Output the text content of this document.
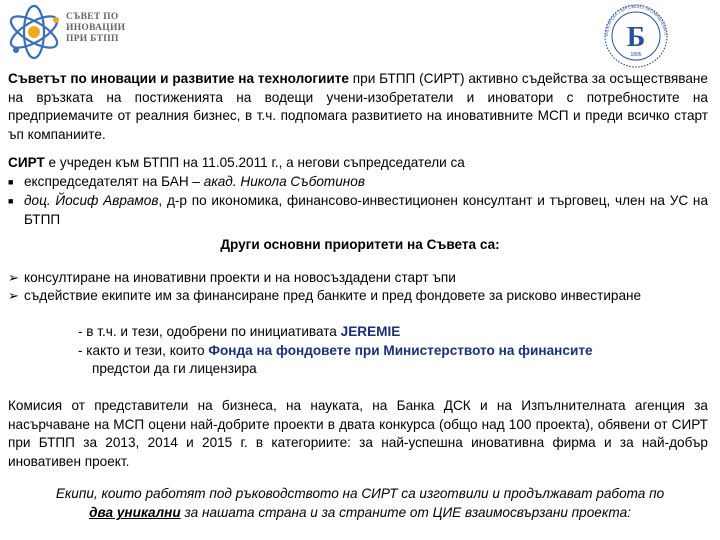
СЪВЕТ ПО
ИНОВАЦИИ
ПРИ БТПП	БЪЛГАРСКА ТЪРГОВСКО-ПРОМИШЛЕНА П
Б
1895
Съветът по иновации и развитие на технологиите при БТПП (СИРТ) активно съдейства за осъществяване на връзката на постиженията на водещи учени-изобретатели и иноватори с потребностите на предприемачите от реалния бизнес, в т.ч. подпомага развитието на иновативните МСП и преди всичко старт ъп компаниите.
СИРТ е учреден към БТПП на 11.05.2011 г., а негови съпредседатели са
■ експредседателят на БАН – акад. Никола Съботинов
■ доц. Йосиф Аврамов, д-р по икономика, финансово-инвестиционен консултант и търговец, член на УС на БТПП
Други основни приоритети на Съвета са:
➢ консултиране на иновативни проекти и на новосъздадени старт ъпи
➢ съдействие екипите им за финансиране пред банките и пред фондовете за рисково инвестиране
- в т.ч. и тези, одобрени по инициативата JEREMIE
- както и тези, които Фонда на фондовете при Министерството на финансите
предстои да ги лицензира
Комисия от представители на бизнеса, на науката, на Банка ДСК и на Изпълнителната агенция за насърчаване на МСП оцени най-добрите проекти в двата конкурса (общо над 100 проекта), обявени от СИРТ при БТПП за 2013, 2014 и 2015 г. в категориите: за най-успешна иновативна фирма и за най-добър иновативен проект.
Екипи, които работят под ръководството на СИРТ са изготвили и продължават работа по
два уникални за нашата страна и за страните от ЦИЕ взаимосвързани проекта:
